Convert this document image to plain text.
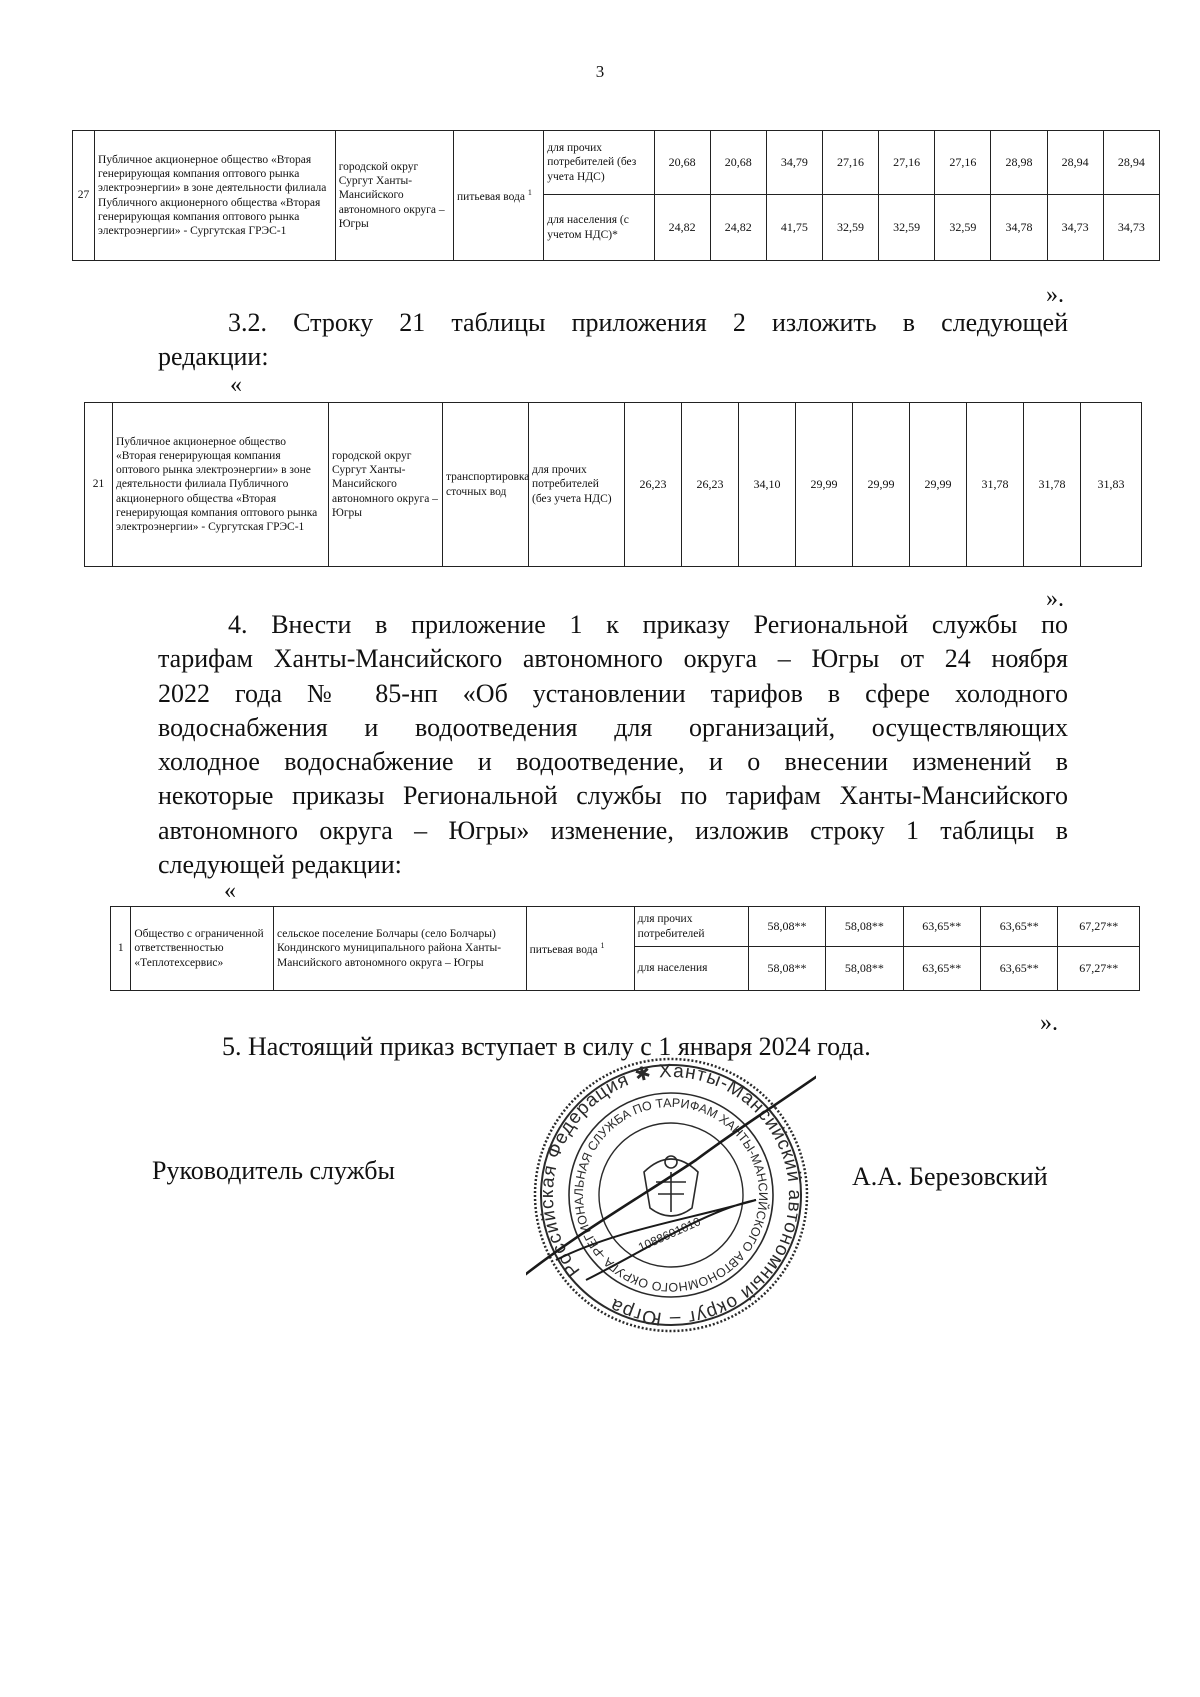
3
27	Публичное акционерное общество «Вторая генерирующая компания оптового рынка электроэнергии» в зоне деятельности филиала Публичного акционерного общества «Вторая генерирующая компания оптового рынка электроэнергии» - Сургутская ГРЭС-1	городской округ Сургут Ханты-Мансийского автономного округа – Югры	питьевая вода $^1$	для прочих потребителей (без учета НДС)	20,68	20,68	34,79	27,16	27,16	27,16	28,98	28,94	28,94
				для населения (с учетом НДС)*	24,82	24,82	41,75	32,59	32,59	32,59	34,78	34,73	34,73
».
3.2. Строку 21 таблицы приложения 2 изложить в следующей
редакции:
«
21	Публичное акционерное общество «Вторая генерирующая компания оптового рынка электроэнергии» в зоне деятельности филиала Публичного акционерного общества «Вторая генерирующая компания оптового рынка электроэнергии» - Сургутская ГРЭС-1	городской округ Сургут Ханты-Мансийского автономного округа – Югры	транспортировка сточных вод	для прочих потребителей (без учета НДС)	26,23	26,23	34,10	29,99	29,99	29,99	31,78	31,78	31,83
».
4. Внести в приложение 1 к приказу Региональной службы по
тарифам Ханты-Мансийского автономного округа – Югры от 24 ноября
2022 года № 85-нп «Об установлении тарифов в сфере холодного
водоснабжения и водоотведения для организаций, осуществляющих
холодное водоснабжение и водоотведение, и о внесении изменений в
некоторые приказы Региональной службы по тарифам Ханты-Мансийского
автономного округа – Югры» изменение, изложив строку 1 таблицы в
следующей редакции:
«
1	Общество с ограниченной ответственностью «Теплотехсервис»	сельское поселение Болчары (село Болчары) Кондинского муниципального района Ханты-Мансийского автономного округа – Югры	питьевая вода $^1$	для прочих потребителей	58,08**	58,08**	63,65**	63,65**	67,27**
				для населения	58,08**	58,08**	63,65**	63,65**	67,27**
».
5. Настоящий приказ вступает в силу с 1 января 2024 года.
Руководитель службы	А.А. Березовский
Российская Федерация ✱ Ханты-Мансийский автономный округ – Югра
РЕГИОНАЛЬНАЯ СЛУЖБА ПО ТАРИФАМ ХАНТЫ-МАНСИЙСКОГО АВТОНОМНОГО ОКРУГА –
1088601010
